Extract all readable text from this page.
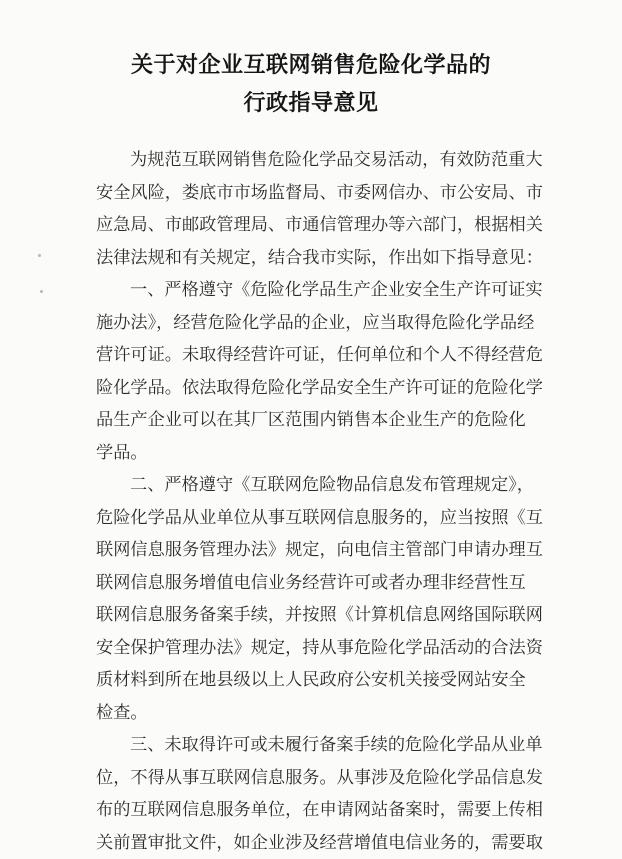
关于对企业互联网销售危险化学品的
行政指导意见
为规范互联网销售危险化学品交易活动，有效防范重大
安全风险，娄底市市场监督局、市委网信办、市公安局、市
应急局、市邮政管理局、市通信管理办等六部门，根据相关
法律法规和有关规定，结合我市实际，作出如下指导意见：
一、严格遵守《危险化学品生产企业安全生产许可证实
施办法》，经营危险化学品的企业，应当取得危险化学品经
营许可证。未取得经营许可证，任何单位和个人不得经营危
险化学品。依法取得危险化学品安全生产许可证的危险化学
品生产企业可以在其厂区范围内销售本企业生产的危险化
学品。
二、严格遵守《互联网危险物品信息发布管理规定》，
危险化学品从业单位从事互联网信息服务的，应当按照《互
联网信息服务管理办法》规定，向电信主管部门申请办理互
联网信息服务增值电信业务经营许可或者办理非经营性互
联网信息服务备案手续，并按照《计算机信息网络国际联网
安全保护管理办法》规定，持从事危险化学品活动的合法资
质材料到所在地县级以上人民政府公安机关接受网站安全
检查。
三、未取得许可或未履行备案手续的危险化学品从业单
位，不得从事互联网信息服务。从事涉及危险化学品信息发
布的互联网信息服务单位，在申请网站备案时，需要上传相
关前置审批文件，如企业涉及经营增值电信业务的，需要取
